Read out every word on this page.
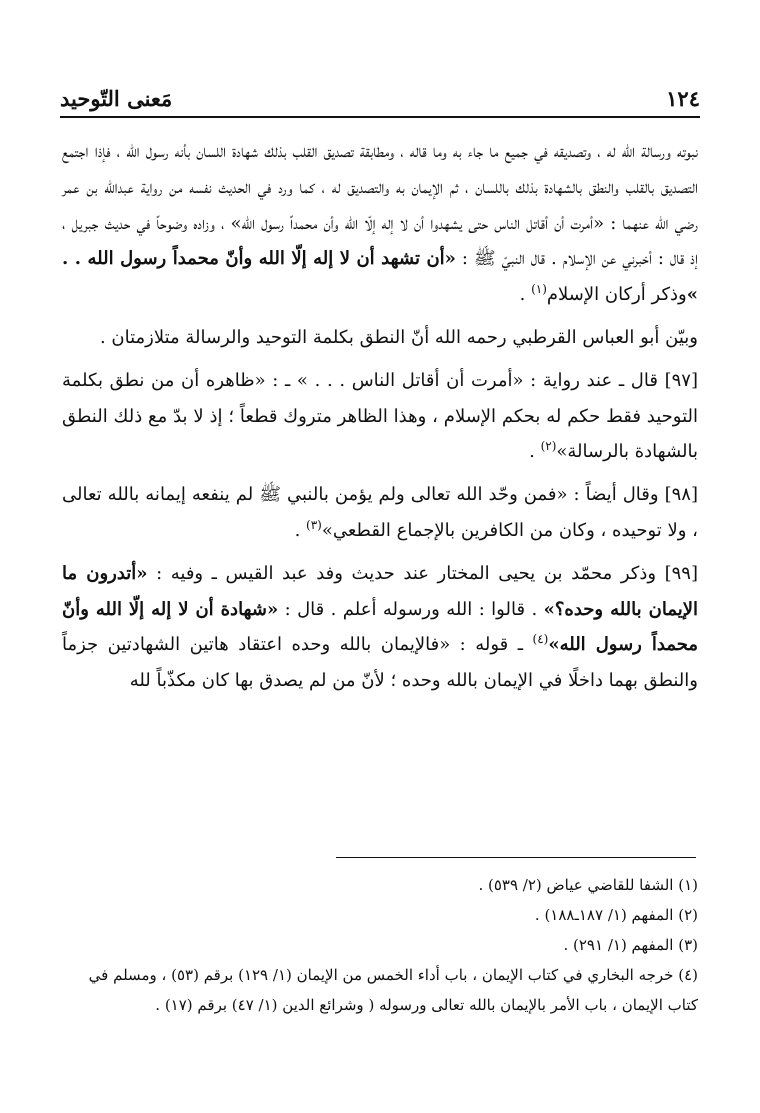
١٢٤
مَعنى التّوحيد

نبوته ورسالة الله له ، وتصديقه في جميع ما جاء به وما قاله ، ومطابقة تصديق القلب بذلك شهادة اللسان بأنه رسول الله ، فإذا اجتمع التصديق بالقلب والنطق بالشهادة بذلك باللسان ، ثم الإيمان به والتصديق له ، كما ورد في الحديث نفسه من رواية عبدالله بن عمر رضي الله عنهما : «أمرت أن أقاتل الناس حتى يشهدوا أن لا إله إلّا الله وأن محمداً رسول الله» ، وزاده وضوحاً في حديث جبريل ، إذ قال : أخبرني عن الإسلام . قال النبيّ ﷺ : «أن تشهد أن لا إله إلّا الله وأنّ محمداً رسول الله . . »وذكر أركان الإسلام$^{(١)}$ .

وبيّن أبو العباس القرطبي رحمه الله أنّ النطق بكلمة التوحيد والرسالة متلازمتان .

[٩٧] قال ـ عند رواية : «أمرت أن أقاتل الناس . . . » ـ : «ظاهره أن من نطق بكلمة التوحيد فقط حكم له بحكم الإسلام ، وهذا الظاهر متروك قطعاً ؛ إذ لا بدّ مع ذلك النطق بالشهادة بالرسالة»$^{(٢)}$ .

[٩٨] وقال أيضاً : «فمن وحّد الله تعالى ولم يؤمن بالنبي ﷺ لم ينفعه إيمانه بالله تعالى ، ولا توحيده ، وكان من الكافرين بالإجماع القطعي»$^{(٣)}$ .

[٩٩] وذكر محمّد بن يحيى المختار عند حديث وفد عبد القيس ـ وفيه : «أتدرون ما الإيمان بالله وحده؟» . قالوا : الله ورسوله أعلم . قال : «شهادة أن لا إله إلّا الله وأنّ محمداً رسول الله»$^{(٤)}$ ـ قوله : «فالإيمان بالله وحده اعتقاد هاتين الشهادتين جزماً والنطق بهما داخلًا في الإيمان بالله وحده ؛ لأنّ من لم يصدق بها كان مكذّباً لله

(١) الشفا للقاضي عياض (٢/ ٥٣٩) .

(٢) المفهم (١/ ١٨٧ـ١٨٨) .

(٣) المفهم (١/ ٢٩١) .

(٤) خرجه البخاري في كتاب الإيمان ، باب أداء الخمس من الإيمان (١/ ١٢٩) برقم (٥٣) ، ومسلم في كتاب الإيمان ، باب الأمر بالإيمان بالله تعالى ورسوله ( وشرائع الدين (١/ ٤٧) برقم (١٧) .
